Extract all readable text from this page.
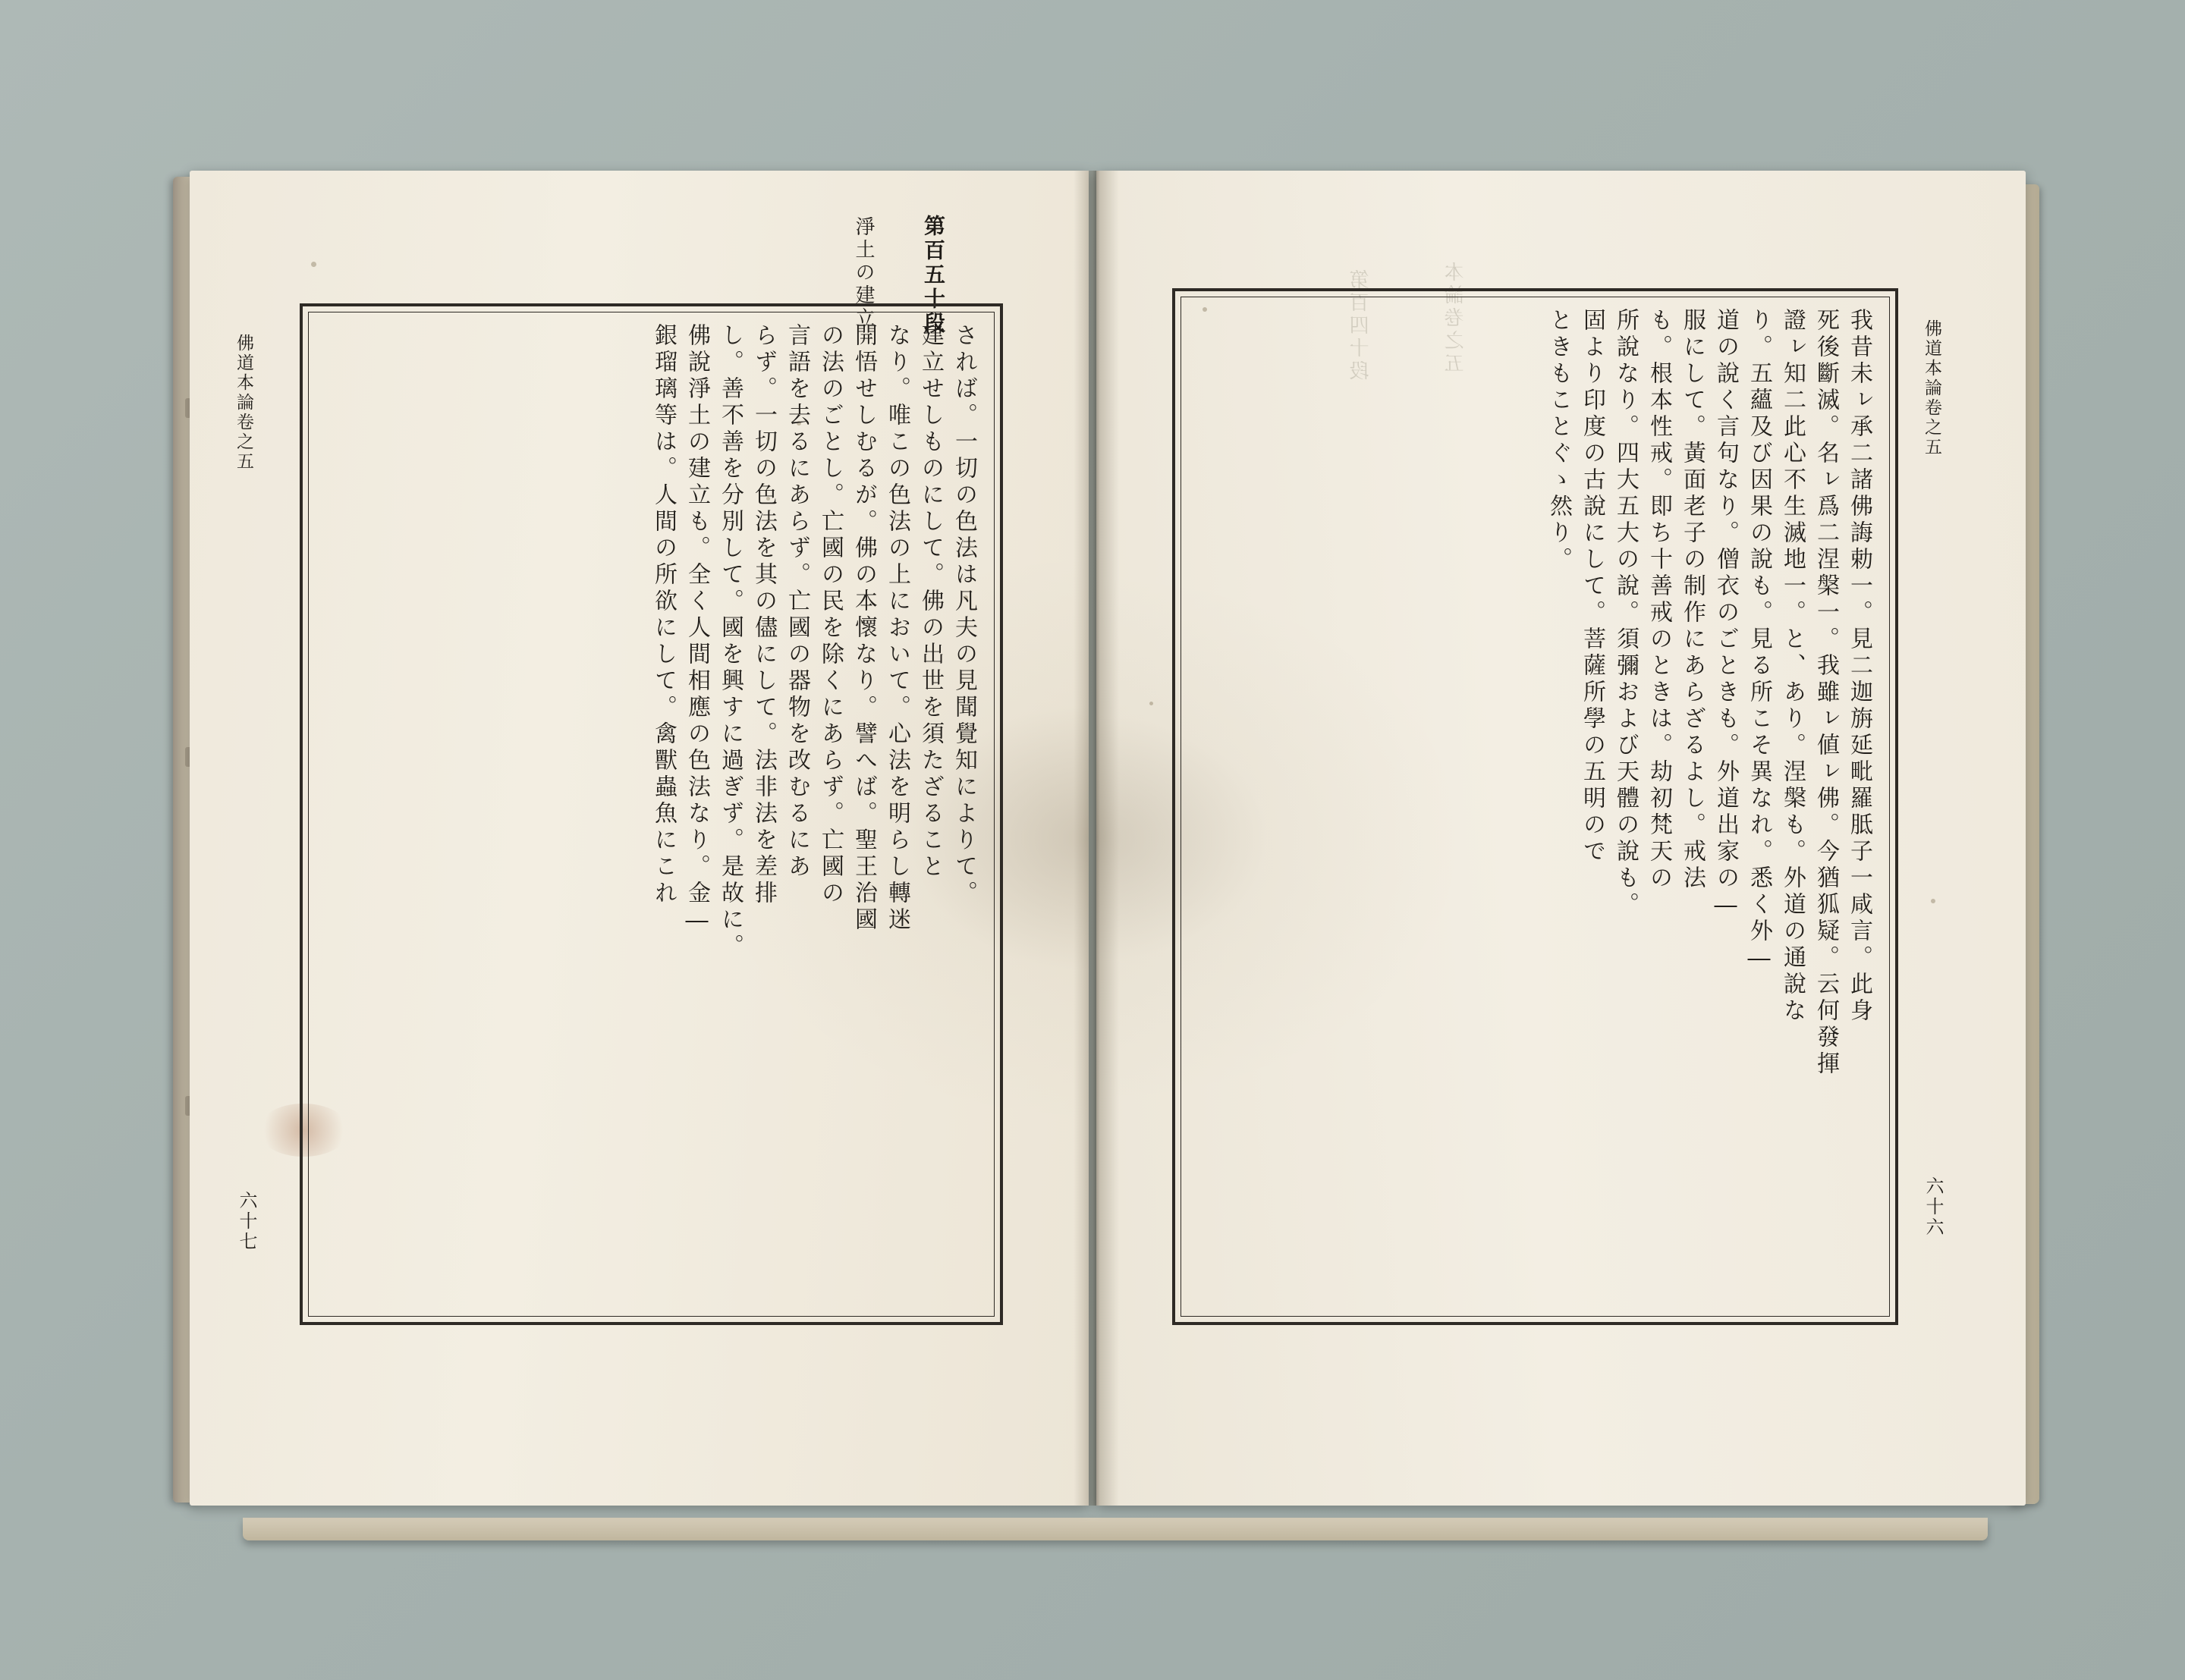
第百五十段
淨土の建立
佛道本論卷之五
六十七
されば。一切の色法は凡夫の見聞覺知によりて。
建立せしものにして。佛の出世を須たざること
なり。唯この色法の上において。心法を明らし轉迷
開悟せしむるが。佛の本懷なり。譬へば。聖王治國
の法のごとし。亡國の民を除くにあらず。亡國の
言語を去るにあらず。亡國の器物を改むるにあ
らず。一切の色法を其の儘にして。法非法を差排
し。善不善を分別して。國を興すに過ぎず。是故に。
佛說淨土の建立も。全く人間相應の色法なり。金―
銀瑠璃等は。人間の所欲にして。禽獸蟲魚にこれ
本論卷之五
第百四十段	佛道本論卷之五
六十六
我昔未ㇾ承二諸佛誨勅一。見二迦旃延毗羅胝子一咸言。此身
死後斷滅。名ㇾ爲二涅槃一。我雖ㇾ値ㇾ佛。今猶狐疑。云何發揮
證ㇾ知二此心不生滅地一。と、あり。涅槃も。外道の通說な
り。五蘊及び因果の說も。見る所こそ異なれ。悉く外―
道の說く言句なり。僧衣のごときも。外道出家の―
服にして。黃面老子の制作にあらざるよし。戒法
も。根本性戒。即ち十善戒のときは。劫初梵天の
所說なり。四大五大の說。須彌および天體の說も。
固より印度の古說にして。菩薩所學の五明ので
ときもことぐゝ然り。
